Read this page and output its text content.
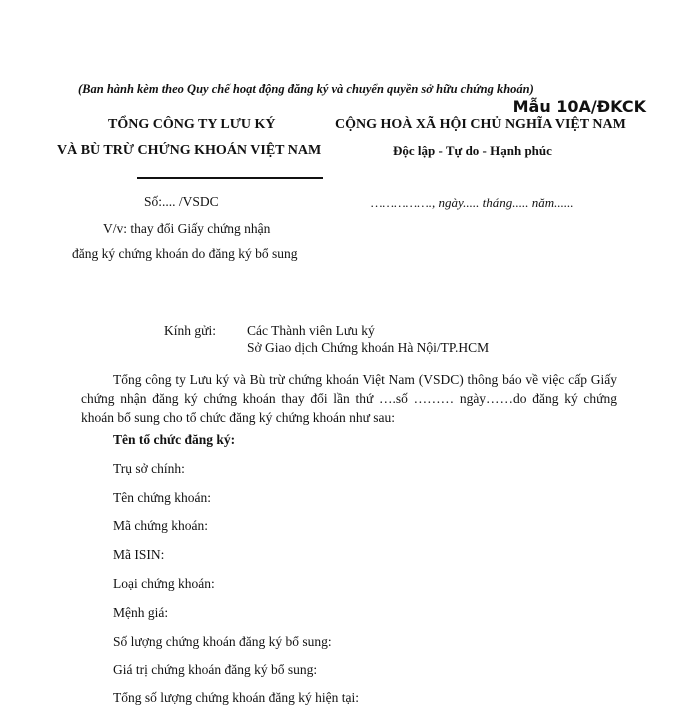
(Ban hành kèm theo Quy chế hoạt động đăng ký và chuyển quyền sở hữu chứng khoán)
Mẫu 10A/ĐKCK
TỔNG CÔNG TY LƯU KÝ
VÀ BÙ TRỪ CHỨNG KHOÁN VIỆT NAM
CỘNG HOÀ XÃ HỘI CHỦ NGHĨA VIỆT NAM
Độc lập - Tự do - Hạnh phúc
Số:.... /VSDC	……………., ngày..... tháng..... năm......
V/v: thay đổi Giấy chứng nhận
đăng ký chứng khoán do đăng ký bổ sung
Kính gửi: Các Thành viên Lưu ký
Sở Giao dịch Chứng khoán Hà Nội/TP.HCM
Tổng công ty Lưu ký và Bù trừ chứng khoán Việt Nam (VSDC) thông báo về việc cấp Giấy chứng nhận đăng ký chứng khoán thay đổi lần thứ ….số ……… ngày……do đăng ký chứng khoán bổ sung cho tổ chức đăng ký chứng khoán như sau:
Tên tổ chức đăng ký:
Trụ sở chính:
Tên chứng khoán:
Mã chứng khoán:
Mã ISIN:
Loại chứng khoán:
Mệnh giá:
Số lượng chứng khoán đăng ký bổ sung:
Giá trị chứng khoán đăng ký bổ sung:
Tổng số lượng chứng khoán đăng ký hiện tại:
